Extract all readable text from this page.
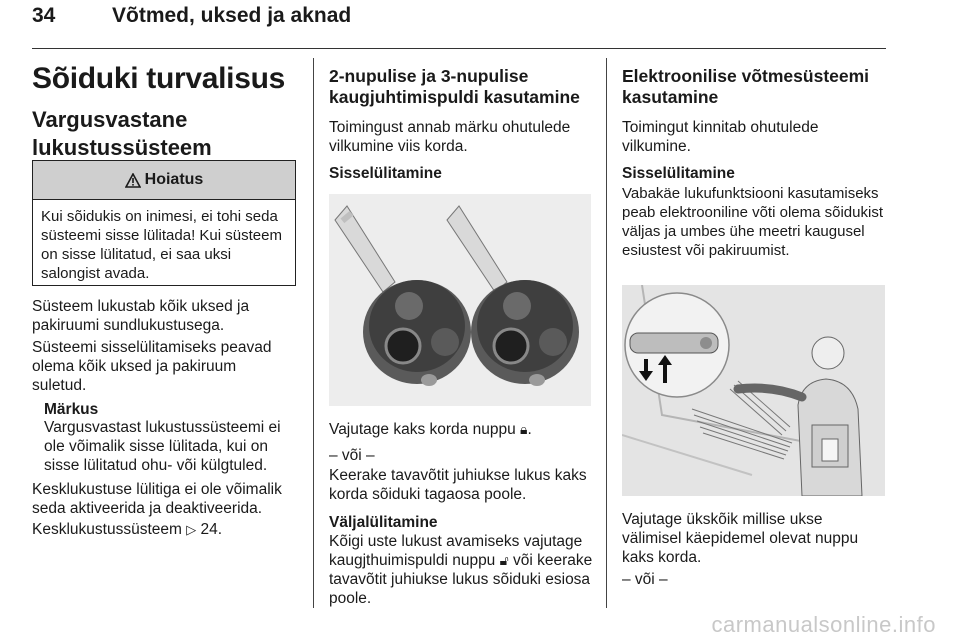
34	Võtmed, uksed ja aknad
Sõiduki turvalisus
Vargusvastane lukustussüsteem
Hoiatus
Kui sõidukis on inimesi, ei tohi seda süsteemi sisse lülitada! Kui süsteem on sisse lülitatud, ei saa uksi salongist avada.
Süsteem lukustab kõik uksed ja pakiruumi sundlukustusega.
Süsteemi sisselülitamiseks peavad olema kõik uksed ja pakiruum suletud.
Märkus
Vargusvastast lukustussüsteemi ei ole võimalik sisse lülitada, kui on sisse lülitatud ohu- või külgtuled.
Kesklukustuse lülitiga ei ole võimalik seda aktiveerida ja deaktiveerida.
Kesklukustussüsteem ▷ 24.
2-nupulise ja 3-nupulise kaugjuhtimispuldi kasutamine
Toimingust annab märku ohutulede vilkumine viis korda.
Sisselülitamine
Vajutage kaks korda nuppu 🔒︎.
– või –
Keerake tavavõtit juhiukse lukus kaks korda sõiduki tagaosa poole.
Väljalülitamine
Kõigi uste lukust avamiseks vajutage kaugjthuimispuldi nuppu 🔓︎ või keerake tavavõtit juhiukse lukus sõiduki esiosa poole.
Elektroonilise võtmesüsteemi kasutamine
Toimingut kinnitab ohutulede vilkumine.
Sisselülitamine
Vabakäe lukufunktsiooni kasutamiseks peab elektrooniline võti olema sõidukist väljas ja umbes ühe meetri kaugusel esiustest või pakiruumist.
Vajutage ükskõik millise ukse välimisel käepidemel olevat nuppu kaks korda.
– või –
carmanualsonline.info
